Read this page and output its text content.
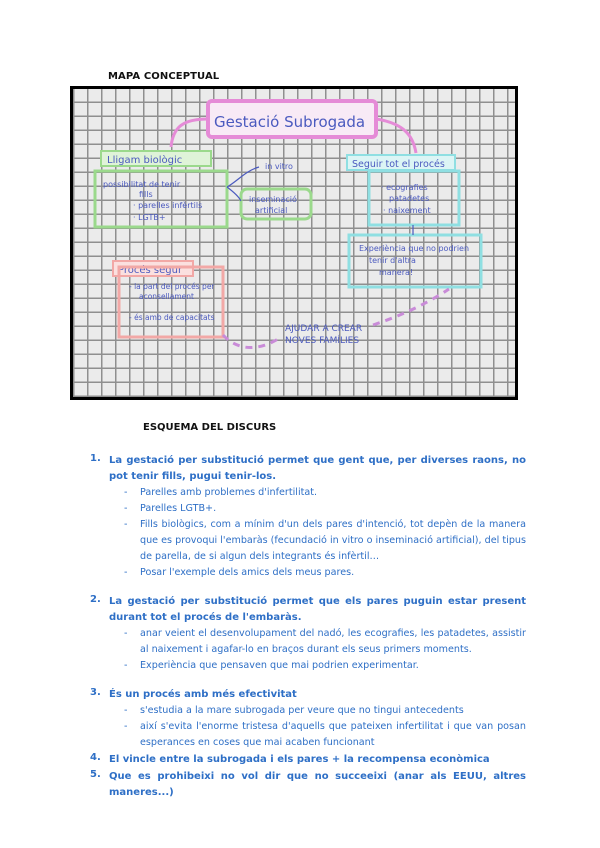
MAPA CONCEPTUAL
Gestació Subrogada
Lligam biològic
possibilitat de tenir
fills
· parelles infèrtils
· LGTB+
in vitro
inseminació
artificial
Procés segur
- la part del procés per
aconsellament
- és amb de capacitats
Seguir tot el procés
· ecografies
patadetes
· naixement
Experiència que no podrien
tenir d'altra
manera!
AJUDAR A CREAR
NOVES FAMÍLIES
ESQUEMA DEL DISCURS
1. La gestació per substitució permet que gent que, per diverses raons, no pot tenir fills, pugui tenir-los.
- Parelles amb problemes d'infertilitat.
- Parelles LGTB+.
- Fills biològics, com a mínim d'un dels pares d'intenció, tot depèn de la manera que es provoqui l'embaràs (fecundació in vitro o inseminació artificial), del tipus de parella, de si algun dels integrants és infèrtil…
- Posar l'exemple dels amics dels meus pares.
2. La gestació per substitució permet que els pares puguin estar present durant tot el procés de l'embaràs.
- anar veient el desenvolupament del nadó, les ecografies, les patadetes, assistir al naixement i agafar-lo en braços durant els seus primers moments.
- Experiència que pensaven que mai podrien experimentar.
3. És un procés amb més efectivitat
- s'estudia a la mare subrogada per veure que no tingui antecedents
- així s'evita l'enorme tristesa d'aquells que pateixen infertilitat i que van posan esperances en coses que mai acaben funcionant
4. El vincle entre la subrogada i els pares + la recompensa econòmica
5. Que es prohibeixi no vol dir que no succeeixi (anar als EEUU, altres maneres...)
